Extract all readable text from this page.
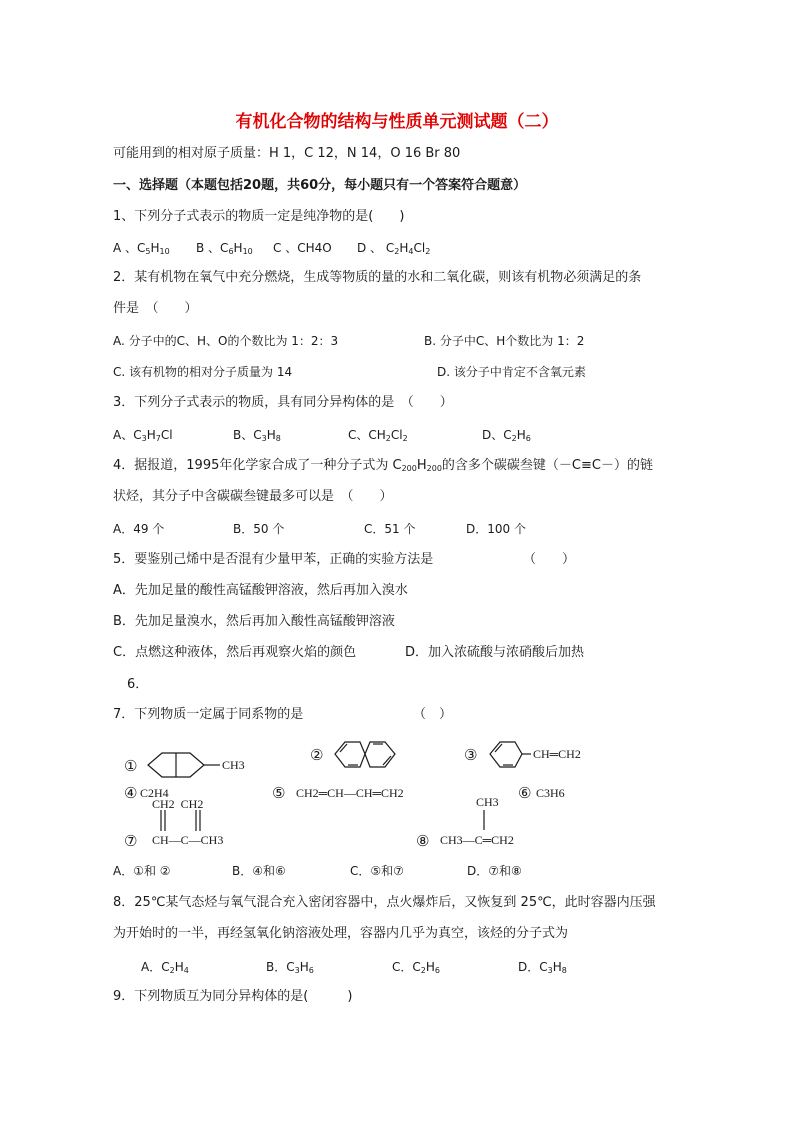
有机化合物的结构与性质单元测试题（二）
可能用到的相对原子质量：H 1，C 12，N 14，O 16 Br 80
一、选择题（本题包括20题，共60分，每小题只有一个答案符合题意）
1、下列分子式表示的物质一定是纯净物的是(　　)
A 、$C_5H_{10}$ B 、$C_6H_{10}$ C 、CH4O D 、 $C_2H_4Cl_2$
2．某有机物在氧气中充分燃烧，生成等物质的量的水和二氧化碳，则该有机物必须满足的条
件是　（　　）
A. 分子中的C、H、O的个数比为 1：2：3	B. 分子中C、H个数比为 1：2
C. 该有机物的相对分子质量为 14	D. 该分子中肯定不含氧元素
3．下列分子式表示的物质，具有同分异构体的是　（　　）
A、$C_3H_7Cl$	B、$C_3H_8$	C、$CH_2Cl_2$	D、$C_2H_6$
4．据报道，1995年化学家合成了一种分子式为 $C_{200}H_{200}$的含多个碳碳叁键（－C≡C－）的链
状烃，其分子中含碳碳叁键最多可以是　（　　）
A．49 个	B．50 个	C．51 个	D．100 个
5．要鉴别己烯中是否混有少量甲苯，正确的实验方法是	（　　）
A．先加足量的酸性高锰酸钾溶液，然后再加入溴水
B．先加足量溴水，然后再加入酸性高锰酸钾溶液
C．点燃这种液体，然后再观察火焰的颜色	D．加入浓硫酸与浓硝酸后加热
6．
7．下列物质一定属于同系物的是	（　）
①	CH3
②	③	CH═CH2
④ C2H4	⑤ CH2═CH—CH═CH2	⑥ C3H6
CH2  CH2
⑦ CH—C—CH3
CH3
⑧ CH3—C═CH2
A．①和 ②	B．④和⑥	C．⑤和⑦	D．⑦和⑧
8．25℃某气态烃与氧气混合充入密闭容器中，点火爆炸后，又恢复到 25℃，此时容器内压强
为开始时的一半，再经氢氧化钠溶液处理，容器内几乎为真空，该烃的分子式为
A．$C_2H_4$	B．$C_3H_6$	C．$C_2H_6$	D．$C_3H_8$
9．下列物质互为同分异构体的是(　　　)
